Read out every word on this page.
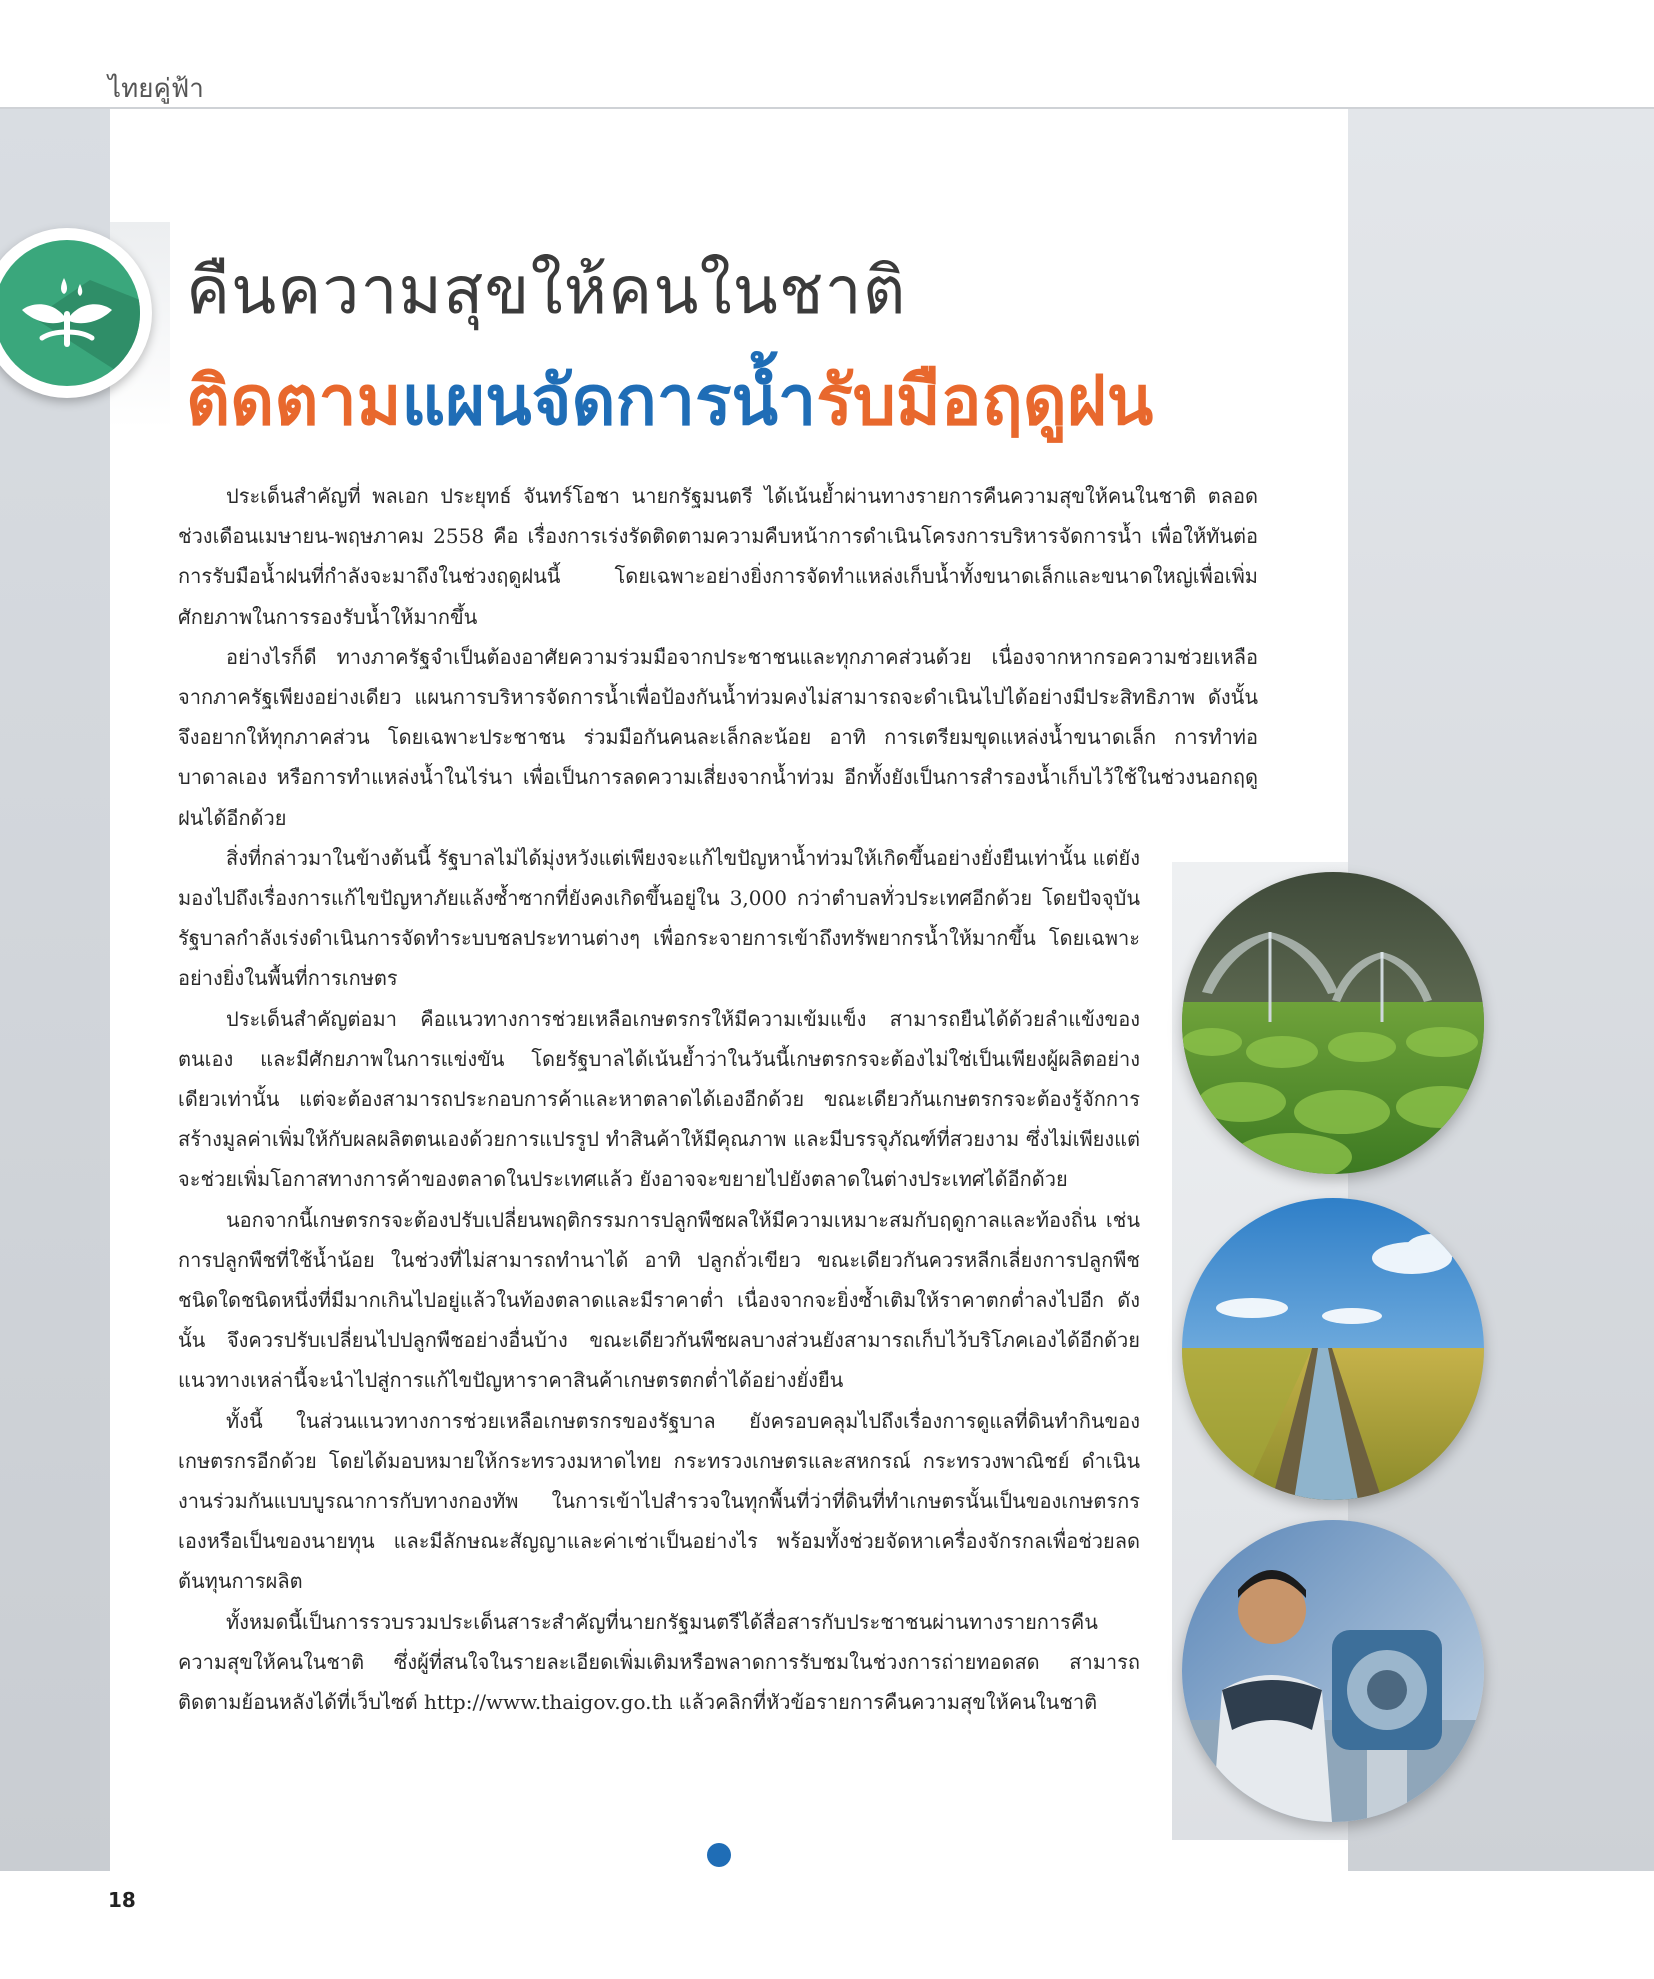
ไทยคู่ฟ้า
คืนความสุขให้คนในชาติ
ติดตามแผนจัดการน้ำรับมือฤดูฝน

ประเด็นสำคัญที่ พลเอก ประยุทธ์ จันทร์โอชา นายกรัฐมนตรี ได้เน้นย้ำผ่านทางรายการคืนความสุขให้คนในชาติ ตลอดช่วงเดือนเมษายน-พฤษภาคม 2558 คือ เรื่องการเร่งรัดติดตามความคืบหน้าการดำเนินโครงการบริหารจัดการน้ำ เพื่อให้ทันต่อการรับมือน้ำฝนที่กำลังจะมาถึงในช่วงฤดูฝนนี้ โดยเฉพาะอย่างยิ่งการจัดทำแหล่งเก็บน้ำทั้งขนาดเล็กและขนาดใหญ่เพื่อเพิ่มศักยภาพในการรองรับน้ำให้มากขึ้น

อย่างไรก็ดี ทางภาครัฐจำเป็นต้องอาศัยความร่วมมือจากประชาชนและทุกภาคส่วนด้วย เนื่องจากหากรอความช่วยเหลือจากภาครัฐเพียงอย่างเดียว แผนการบริหารจัดการน้ำเพื่อป้องกันน้ำท่วมคงไม่สามารถจะดำเนินไปได้อย่างมีประสิทธิภาพ ดังนั้น จึงอยากให้ทุกภาคส่วน โดยเฉพาะประชาชน ร่วมมือกันคนละเล็กละน้อย อาทิ การเตรียมขุดแหล่งน้ำขนาดเล็ก การทำท่อบาดาลเอง หรือการทำแหล่งน้ำในไร่นา เพื่อเป็นการลดความเสี่ยงจากน้ำท่วม อีกทั้งยังเป็นการสำรองน้ำเก็บไว้ใช้ในช่วงนอกฤดูฝนได้อีกด้วย

สิ่งที่กล่าวมาในข้างต้นนี้ รัฐบาลไม่ได้มุ่งหวังแต่เพียงจะแก้ไขปัญหาน้ำท่วมให้เกิดขึ้นอย่างยั่งยืนเท่านั้น แต่ยังมองไปถึงเรื่องการแก้ไขปัญหาภัยแล้งซ้ำซากที่ยังคงเกิดขึ้นอยู่ใน 3,000 กว่าตำบลทั่วประเทศอีกด้วย โดยปัจจุบันรัฐบาลกำลังเร่งดำเนินการจัดทำระบบชลประทานต่างๆ เพื่อกระจายการเข้าถึงทรัพยากรน้ำให้มากขึ้น โดยเฉพาะอย่างยิ่งในพื้นที่การเกษตร

ประเด็นสำคัญต่อมา คือแนวทางการช่วยเหลือเกษตรกรให้มีความเข้มแข็ง สามารถยืนได้ด้วยลำแข้งของตนเอง และมีศักยภาพในการแข่งขัน โดยรัฐบาลได้เน้นย้ำว่าในวันนี้เกษตรกรจะต้องไม่ใช่เป็นเพียงผู้ผลิตอย่างเดียวเท่านั้น แต่จะต้องสามารถประกอบการค้าและหาตลาดได้เองอีกด้วย ขณะเดียวกันเกษตรกรจะต้องรู้จักการสร้างมูลค่าเพิ่มให้กับผลผลิตตนเองด้วยการแปรรูป ทำสินค้าให้มีคุณภาพ และมีบรรจุภัณฑ์ที่สวยงาม ซึ่งไม่เพียงแต่จะช่วยเพิ่มโอกาสทางการค้าของตลาดในประเทศแล้ว ยังอาจจะขยายไปยังตลาดในต่างประเทศได้อีกด้วย

นอกจากนี้เกษตรกรจะต้องปรับเปลี่ยนพฤติกรรมการปลูกพืชผลให้มีความเหมาะสมกับฤดูกาลและท้องถิ่น เช่น การปลูกพืชที่ใช้น้ำน้อย ในช่วงที่ไม่สามารถทำนาได้ อาทิ ปลูกถั่วเขียว ขณะเดียวกันควรหลีกเลี่ยงการปลูกพืชชนิดใดชนิดหนึ่งที่มีมากเกินไปอยู่แล้วในท้องตลาดและมีราคาต่ำ เนื่องจากจะยิ่งซ้ำเติมให้ราคาตกต่ำลงไปอีก ดังนั้น จึงควรปรับเปลี่ยนไปปลูกพืชอย่างอื่นบ้าง ขณะเดียวกันพืชผลบางส่วนยังสามารถเก็บไว้บริโภคเองได้อีกด้วย แนวทางเหล่านี้จะนำไปสู่การแก้ไขปัญหาราคาสินค้าเกษตรตกต่ำได้อย่างยั่งยืน

ทั้งนี้ ในส่วนแนวทางการช่วยเหลือเกษตรกรของรัฐบาล ยังครอบคลุมไปถึงเรื่องการดูแลที่ดินทำกินของเกษตรกรอีกด้วย โดยได้มอบหมายให้กระทรวงมหาดไทย กระทรวงเกษตรและสหกรณ์ กระทรวงพาณิชย์ ดำเนินงานร่วมกันแบบบูรณาการกับทางกองทัพ ในการเข้าไปสำรวจในทุกพื้นที่ว่าที่ดินที่ทำเกษตรนั้นเป็นของเกษตรกรเองหรือเป็นของนายทุน และมีลักษณะสัญญาและค่าเช่าเป็นอย่างไร พร้อมทั้งช่วยจัดหาเครื่องจักรกลเพื่อช่วยลดต้นทุนการผลิต

ทั้งหมดนี้เป็นการรวบรวมประเด็นสาระสำคัญที่นายกรัฐมนตรีได้สื่อสารกับประชาชนผ่านทางรายการคืนความสุขให้คนในชาติ ซึ่งผู้ที่สนใจในรายละเอียดเพิ่มเติมหรือพลาดการรับชมในช่วงการถ่ายทอดสด สามารถติดตามย้อนหลังได้ที่เว็บไซต์ http://www.thaigov.go.th แล้วคลิกที่หัวข้อรายการคืนความสุขให้คนในชาติ

18
